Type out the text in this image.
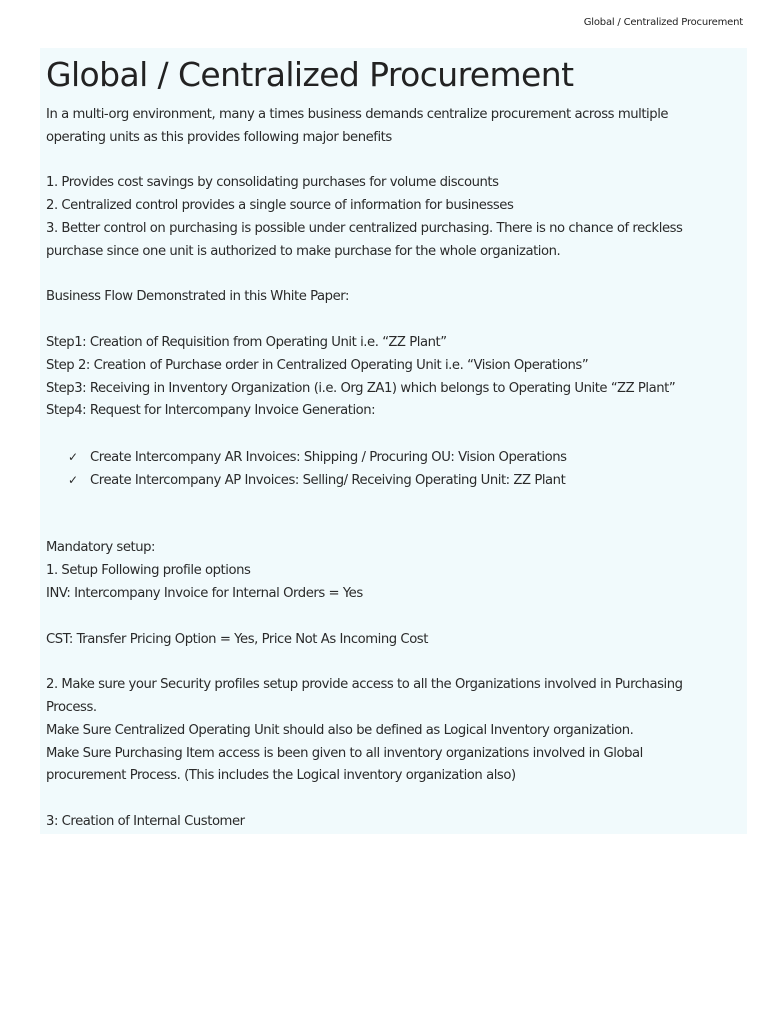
Global / Centralized Procurement
Global / Centralized Procurement
In a multi-org environment, many a times business demands centralize procurement across multiple
operating units as this provides following major benefits
1. Provides cost savings by consolidating purchases for volume discounts
2. Centralized control provides a single source of information for businesses
3. Better control on purchasing is possible under centralized purchasing. There is no chance of reckless
purchase since one unit is authorized to make purchase for the whole organization.
Business Flow Demonstrated in this White Paper:
Step1: Creation of Requisition from Operating Unit i.e. “ZZ Plant”
Step 2: Creation of Purchase order in Centralized Operating Unit i.e. “Vision Operations”
Step3: Receiving in Inventory Organization (i.e. Org ZA1) which belongs to Operating Unite “ZZ Plant”
Step4: Request for Intercompany Invoice Generation:
✓ Create Intercompany AR Invoices: Shipping / Procuring OU: Vision Operations
✓ Create Intercompany AP Invoices: Selling/ Receiving Operating Unit: ZZ Plant
Mandatory setup:
1. Setup Following profile options
INV: Intercompany Invoice for Internal Orders = Yes
CST: Transfer Pricing Option = Yes, Price Not As Incoming Cost
2. Make sure your Security profiles setup provide access to all the Organizations involved in Purchasing
Process.
Make Sure Centralized Operating Unit should also be defined as Logical Inventory organization.
Make Sure Purchasing Item access is been given to all inventory organizations involved in Global
procurement Process. (This includes the Logical inventory organization also)
3: Creation of Internal Customer
